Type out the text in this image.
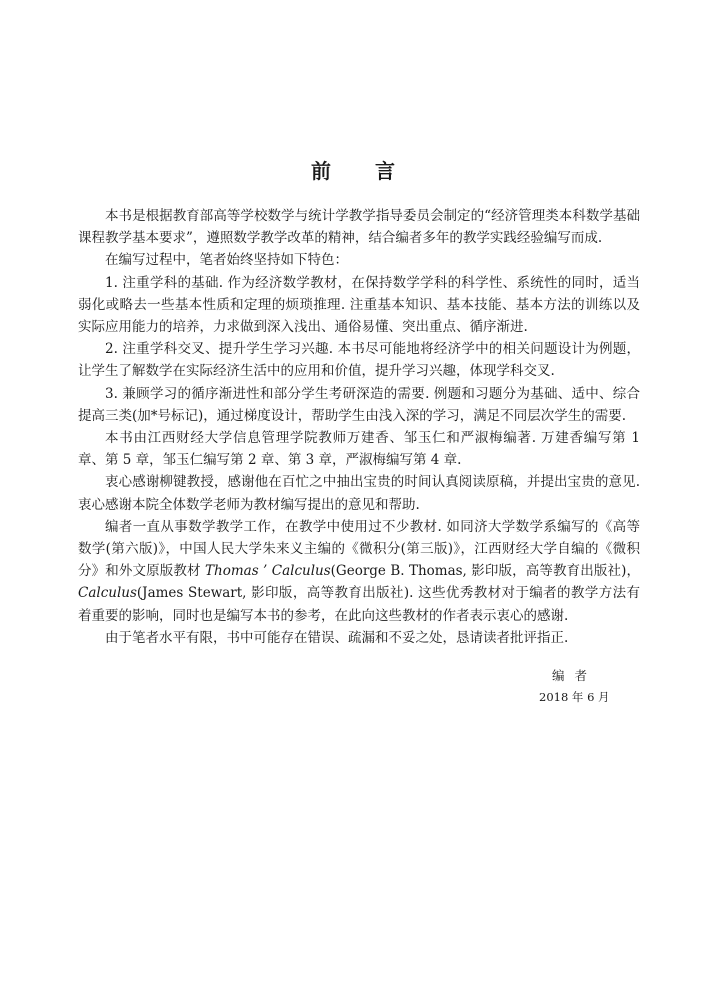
前言

本书是根据教育部高等学校数学与统计学教学指导委员会制定的“经济管理类本科数学基础课程教学基本要求”，遵照数学教学改革的精神，结合编者多年的教学实践经验编写而成.

在编写过程中，笔者始终坚持如下特色：

1. 注重学科的基础. 作为经济数学教材，在保持数学学科的科学性、系统性的同时，适当弱化或略去一些基本性质和定理的烦琐推理. 注重基本知识、基本技能、基本方法的训练以及实际应用能力的培养，力求做到深入浅出、通俗易懂、突出重点、循序渐进.

2. 注重学科交叉、提升学生学习兴趣. 本书尽可能地将经济学中的相关问题设计为例题，让学生了解数学在实际经济生活中的应用和价值，提升学习兴趣，体现学科交叉.

3. 兼顾学习的循序渐进性和部分学生考研深造的需要. 例题和习题分为基础、适中、综合提高三类(加*号标记)，通过梯度设计，帮助学生由浅入深的学习，满足不同层次学生的需要.

本书由江西财经大学信息管理学院教师万建香、邹玉仁和严淑梅编著. 万建香编写第 1 章、第 5 章，邹玉仁编写第 2 章、第 3 章，严淑梅编写第 4 章.

衷心感谢柳键教授，感谢他在百忙之中抽出宝贵的时间认真阅读原稿，并提出宝贵的意见. 衷心感谢本院全体数学老师为教材编写提出的意见和帮助.

编者一直从事数学教学工作，在教学中使用过不少教材. 如同济大学数学系编写的《高等数学(第六版)》，中国人民大学朱来义主编的《微积分(第三版)》，江西财经大学自编的《微积分》和外文原版教材 Thomas ’ Calculus(George B. Thomas, 影印版，高等教育出版社)，Calculus(James Stewart, 影印版，高等教育出版社). 这些优秀教材对于编者的教学方法有着重要的影响，同时也是编写本书的参考，在此向这些教材的作者表示衷心的感谢.

由于笔者水平有限，书中可能存在错误、疏漏和不妥之处，恳请读者批评指正.

编者
2018 年 6 月
